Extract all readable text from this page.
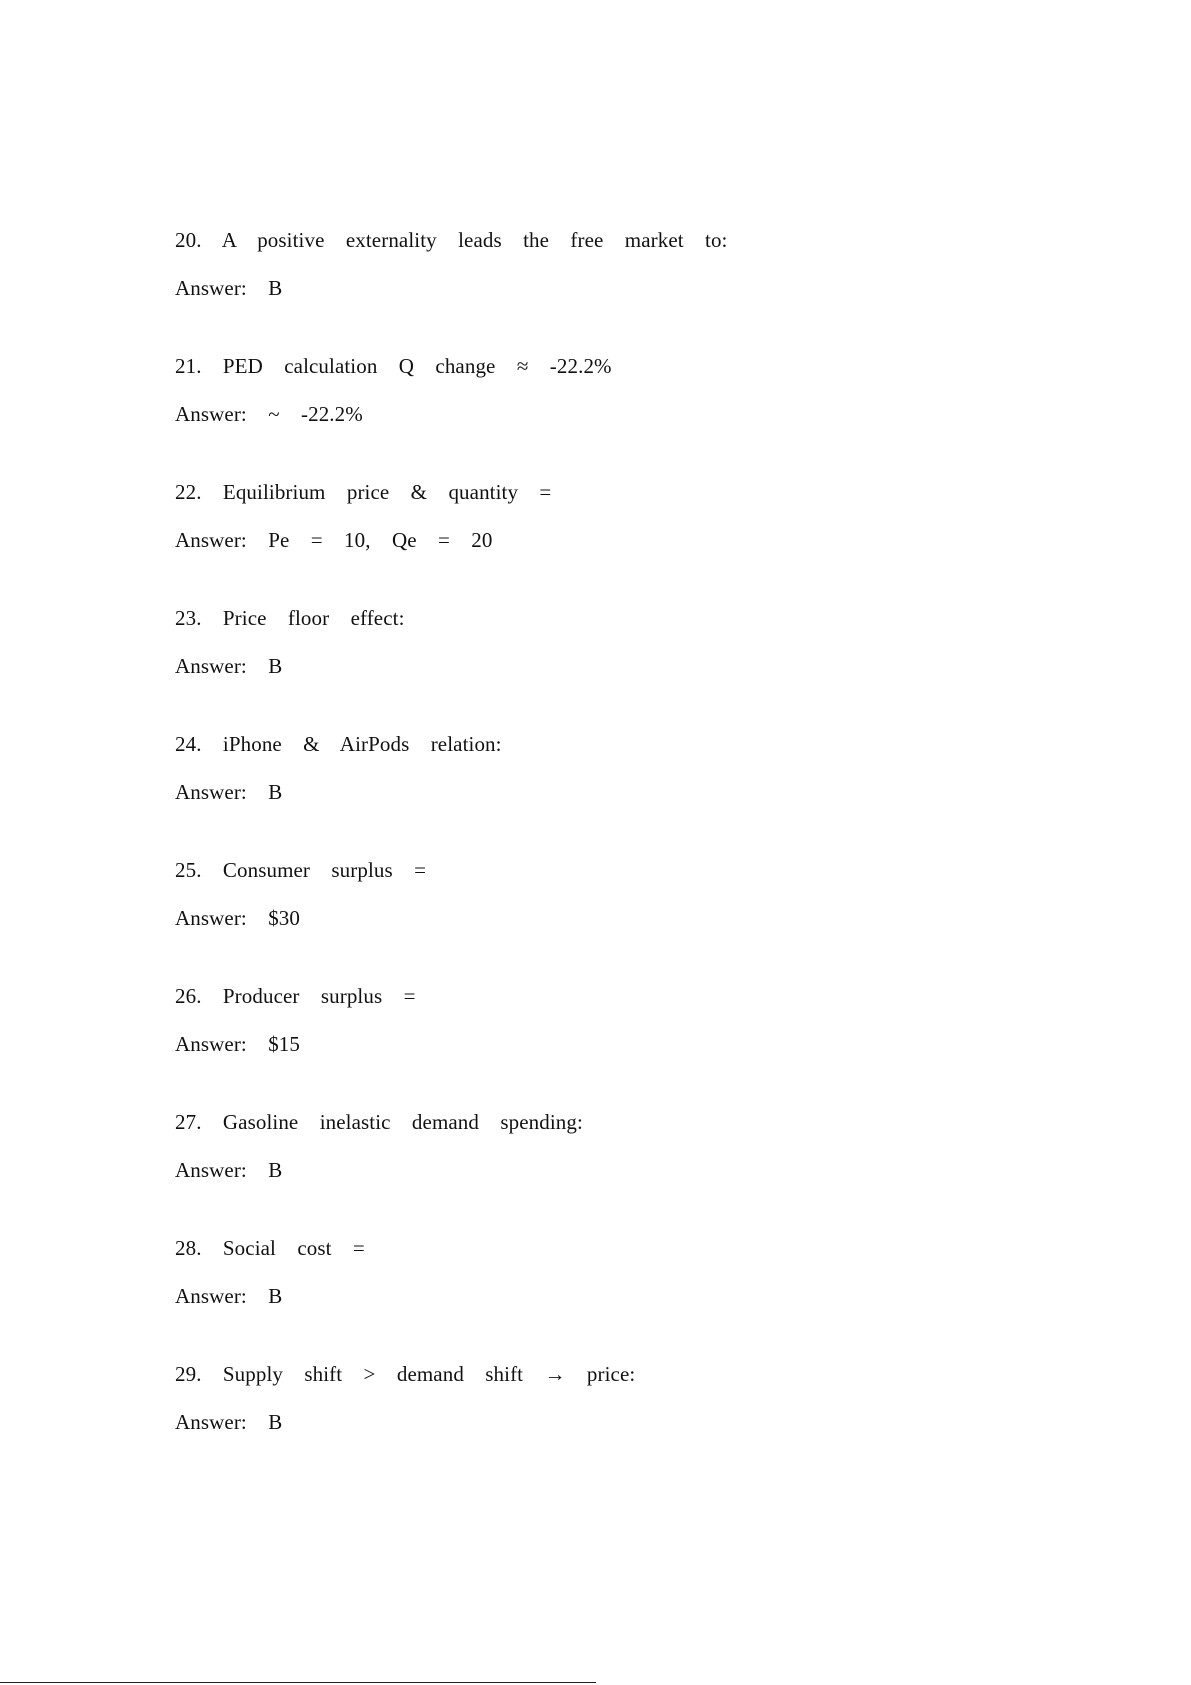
20. A positive externality leads the free market to:
Answer: B
21. PED calculation Q change ≈ -22.2%
Answer: ~ -22.2%
22. Equilibrium price & quantity =
Answer: Pe = 10, Qe = 20
23. Price floor effect:
Answer: B
24. iPhone & AirPods relation:
Answer: B
25. Consumer surplus =
Answer: $30
26. Producer surplus =
Answer: $15
27. Gasoline inelastic demand spending:
Answer: B
28. Social cost =
Answer: B
29. Supply shift > demand shift → price:
Answer: B
